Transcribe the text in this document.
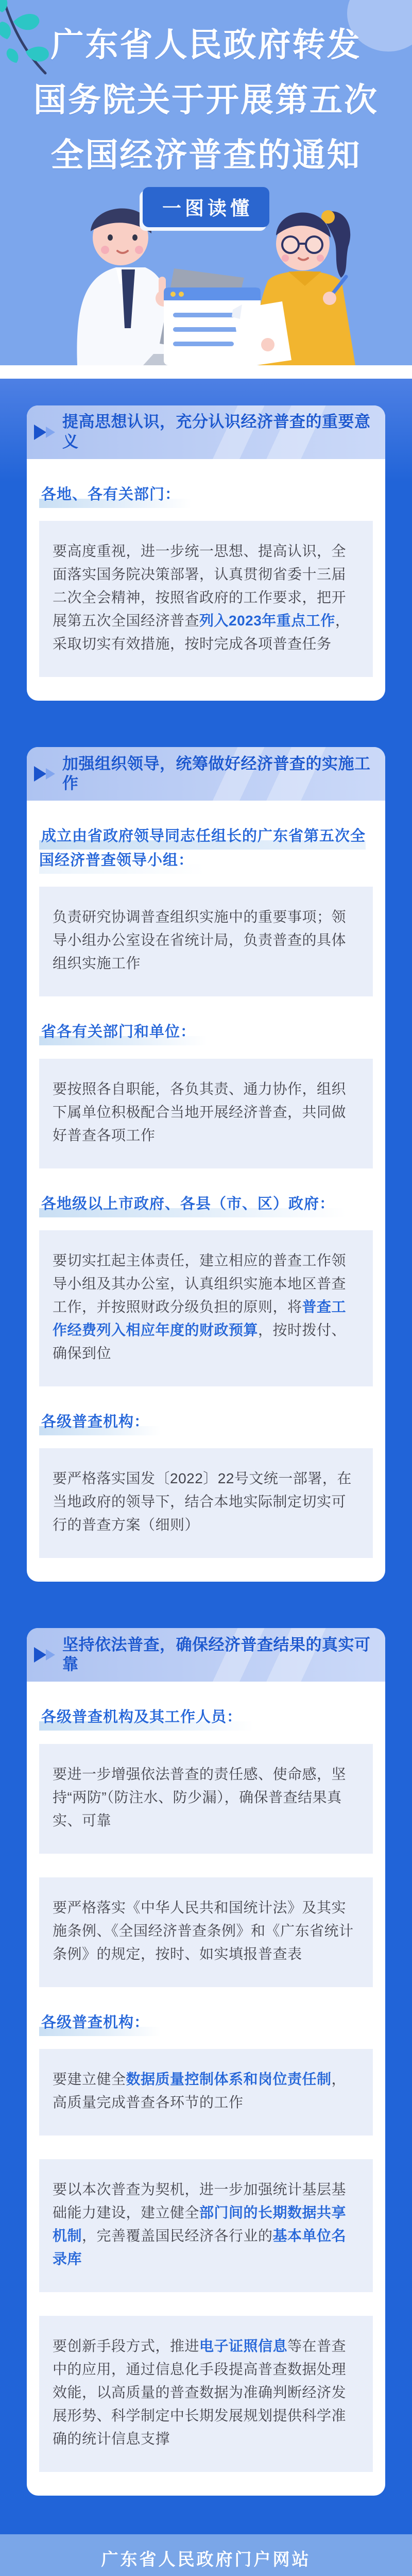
广东省人民政府转发
国务院关于开展第五次
全国经济普查的通知
一图读懂
提高思想认识，充分认识经济普查的重要意义
各地、各有关部门：

要高度重视，进一步统一思想、提高认识，全面落实国务院决策部署，认真贯彻省委十三届二次全会精神，按照省政府的工作要求，把开展第五次全国经济普查列入2023年重点工作，采取切实有效措施，按时完成各项普查任务

加强组织领导，统筹做好经济普查的实施工作
成立由省政府领导同志任组长的广东省第五次全国经济普查领导小组：

负责研究协调普查组织实施中的重要事项；领导小组办公室设在省统计局，负责普查的具体组织实施工作

省各有关部门和单位：

要按照各自职能，各负其责、通力协作，组织下属单位积极配合当地开展经济普查，共同做好普查各项工作

各地级以上市政府、各县（市、区）政府：

要切实扛起主体责任，建立相应的普查工作领导小组及其办公室，认真组织实施本地区普查工作，并按照财政分级负担的原则，将普查工作经费列入相应年度的财政预算，按时拨付、确保到位

各级普查机构：

要严格落实国发〔2022〕22号文统一部署，在当地政府的领导下，结合本地实际制定切实可行的普查方案（细则）

坚持依法普查，确保经济普查结果的真实可靠
各级普查机构及其工作人员：

要进一步增强依法普查的责任感、使命感，坚持“两防”（防注水、防少漏），确保普查结果真实、可靠

要严格落实《中华人民共和国统计法》及其实施条例、《全国经济普查条例》和《广东省统计条例》的规定，按时、如实填报普查表

各级普查机构：

要建立健全数据质量控制体系和岗位责任制，高质量完成普查各环节的工作

要以本次普查为契机，进一步加强统计基层基础能力建设，建立健全部门间的长期数据共享机制，完善覆盖国民经济各行业的基本单位名录库

要创新手段方式，推进电子证照信息等在普查中的应用，通过信息化手段提高普查数据处理效能，以高质量的普查数据为准确判断经济发展形势、科学制定中长期发展规划提供科学准确的统计信息支撑

广东省人民政府门户网站
